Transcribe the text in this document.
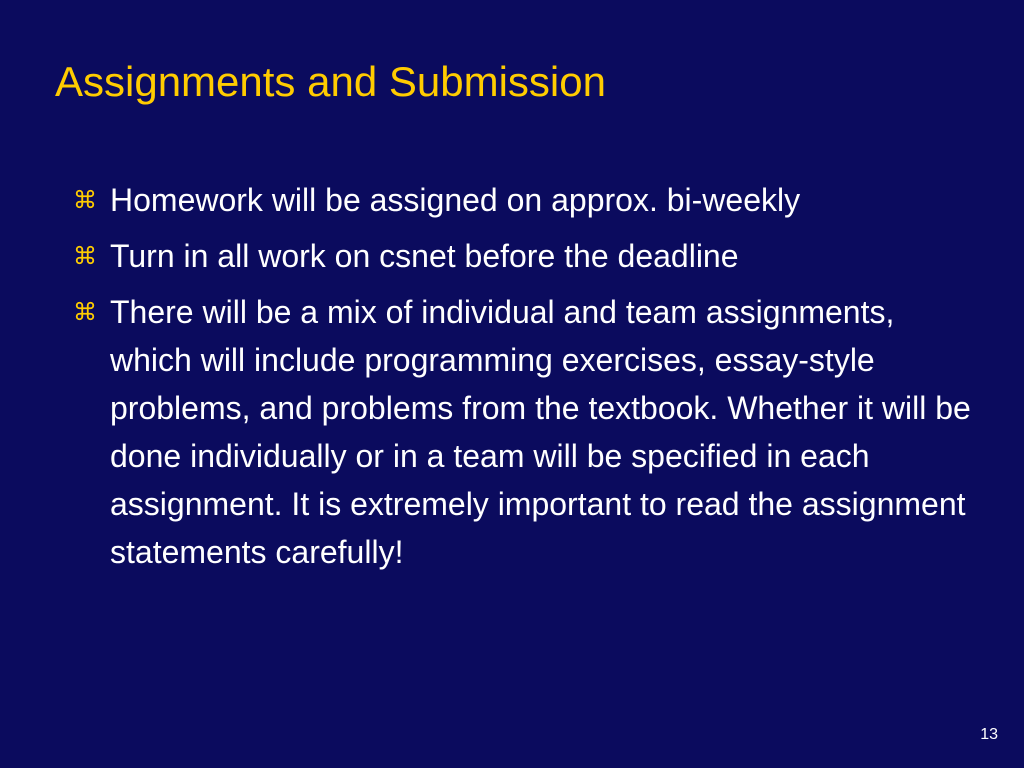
Assignments and Submission
Homework will be assigned on approx. bi-weekly
Turn in all work on csnet before the deadline
There will be a mix of individual and team assignments, which will include programming exercises, essay-style problems, and problems from the textbook. Whether it will be done individually or in a team will be specified in each assignment. It is extremely important to read the assignment statements carefully!
13
